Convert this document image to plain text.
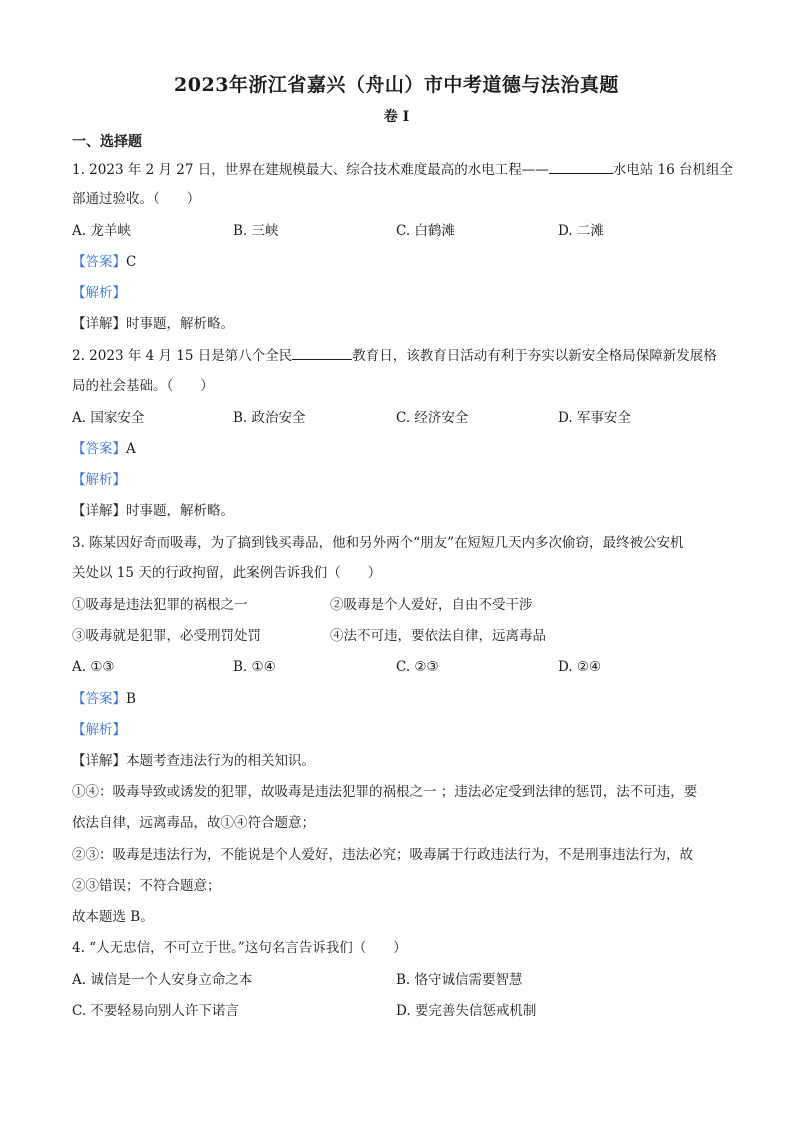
2023年浙江省嘉兴（舟山）市中考道德与法治真题
卷 I
一、选择题
1. 2023 年 2 月 27 日，世界在建规模最大、综合技术难度最高的水电工程——	水电站 16 台机组全
部通过验收。（　　）
A. 龙羊峡	B. 三峡	C. 白鹤滩	D. 二滩
【答案】C
【解析】
【详解】时事题，解析略。
2. 2023 年 4 月 15 日是第八个全民	教育日，该教育日活动有利于夯实以新安全格局保障新发展格
局的社会基础。（　　）
A. 国家安全	B. 政治安全	C. 经济安全	D. 军事安全
【答案】A
【解析】
【详解】时事题，解析略。
3. 陈某因好奇而吸毒，为了搞到钱买毒品，他和另外两个“朋友”在短短几天内多次偷窃，最终被公安机
关处以 15 天的行政拘留，此案例告诉我们（　　）
①吸毒是违法犯罪的祸根之一	②吸毒是个人爱好，自由不受干涉
③吸毒就是犯罪，必受刑罚处罚	④法不可违，要依法自律，远离毒品
A. ①③	B. ①④	C. ②③	D. ②④
【答案】B
【解析】
【详解】本题考查违法行为的相关知识。
①④：吸毒导致或诱发的犯罪，故吸毒是违法犯罪的祸根之一 ；违法必定受到法律的惩罚，法不可违，要
依法自律，远离毒品，故①④符合题意；
②③：吸毒是违法行为，不能说是个人爱好，违法必究；吸毒属于行政违法行为，不是刑事违法行为，故
②③错误；不符合题意；
故本题选 B。
4. “人无忠信，不可立于世。”这句名言告诉我们（　　）
A. 诚信是一个人安身立命之本	B. 恪守诚信需要智慧
C. 不要轻易向别人许下诺言	D. 要完善失信惩戒机制
